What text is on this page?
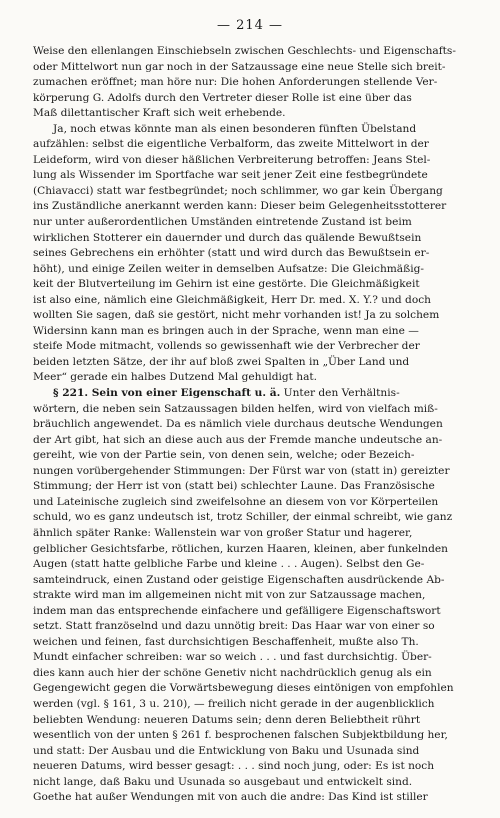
— 214 —

Weise den ellenlangen Einschiebseln zwischen Geschlechts- und Eigenschafts-
oder Mittelwort nun gar noch in der Satzaussage eine neue Stelle sich breit-
zumachen eröffnet; man höre nur: Die hohen Anforderungen stellende Ver-
körperung G. Adolfs durch den Vertreter dieser Rolle ist eine über das
Maß dilettantischer Kraft sich weit erhebende.

Ja, noch etwas könnte man als einen besonderen fünften Übelstand
aufzählen: selbst die eigentliche Verbalform, das zweite Mittelwort in der
Leideform, wird von dieser häßlichen Verbreiterung betroffen: Jeans Stel-
lung als Wissender im Sportfache war seit jener Zeit eine festbegründete
(Chiavacci) statt war festbegründet; noch schlimmer, wo gar kein Übergang
ins Zuständliche anerkannt werden kann: Dieser beim Gelegenheitsstotterer
nur unter außerordentlichen Umständen eintretende Zustand ist beim
wirklichen Stotterer ein dauernder und durch das quälende Bewußtsein
seines Gebrechens ein erhöhter (statt und wird durch das Bewußtsein er-
höht), und einige Zeilen weiter in demselben Aufsatze: Die Gleichmäßig-
keit der Blutverteilung im Gehirn ist eine gestörte. Die Gleichmäßigkeit
ist also eine, nämlich eine Gleichmäßigkeit, Herr Dr. med. X. Y.? und doch
wollten Sie sagen, daß sie gestört, nicht mehr vorhanden ist! Ja zu solchem
Widersinn kann man es bringen auch in der Sprache, wenn man eine —
steife Mode mitmacht, vollends so gewissenhaft wie der Verbrecher der
beiden letzten Sätze, der ihr auf bloß zwei Spalten in „Über Land und
Meer“ gerade ein halbes Dutzend Mal gehuldigt hat.

§ 221. Sein von einer Eigenschaft u. ä. Unter den Verhältnis-
wörtern, die neben sein Satzaussagen bilden helfen, wird von vielfach miß-
bräuchlich angewendet. Da es nämlich viele durchaus deutsche Wendungen
der Art gibt, hat sich an diese auch aus der Fremde manche undeutsche an-
gereiht, wie von der Partie sein, von denen sein, welche; oder Bezeich-
nungen vorübergehender Stimmungen: Der Fürst war von (statt in) gereizter
Stimmung; der Herr ist von (statt bei) schlechter Laune. Das Französische
und Lateinische zugleich sind zweifelsohne an diesem von vor Körperteilen
schuld, wo es ganz undeutsch ist, trotz Schiller, der einmal schreibt, wie ganz
ähnlich später Ranke: Wallenstein war von großer Statur und hagerer,
gelblicher Gesichtsfarbe, rötlichen, kurzen Haaren, kleinen, aber funkelnden
Augen (statt hatte gelbliche Farbe und kleine . . . Augen). Selbst den Ge-
samteindruck, einen Zustand oder geistige Eigenschaften ausdrückende Ab-
strakte wird man im allgemeinen nicht mit von zur Satzaussage machen,
indem man das entsprechende einfachere und gefälligere Eigenschaftswort
setzt. Statt französelnd und dazu unnötig breit: Das Haar war von einer so
weichen und feinen, fast durchsichtigen Beschaffenheit, mußte also Th.
Mundt einfacher schreiben: war so weich . . . und fast durchsichtig. Über-
dies kann auch hier der schöne Genetiv nicht nachdrücklich genug als ein
Gegengewicht gegen die Vorwärtsbewegung dieses eintönigen von empfohlen
werden (vgl. § 161, 3 u. 210), — freilich nicht gerade in der augenblicklich
beliebten Wendung: neueren Datums sein; denn deren Beliebtheit rührt
wesentlich von der unten § 261 f. besprochenen falschen Subjektbildung her,
und statt: Der Ausbau und die Entwicklung von Baku und Usunada sind
neueren Datums, wird besser gesagt: . . . sind noch jung, oder: Es ist noch
nicht lange, daß Baku und Usunada so ausgebaut und entwickelt sind.
Goethe hat außer Wendungen mit von auch die andre: Das Kind ist stiller
